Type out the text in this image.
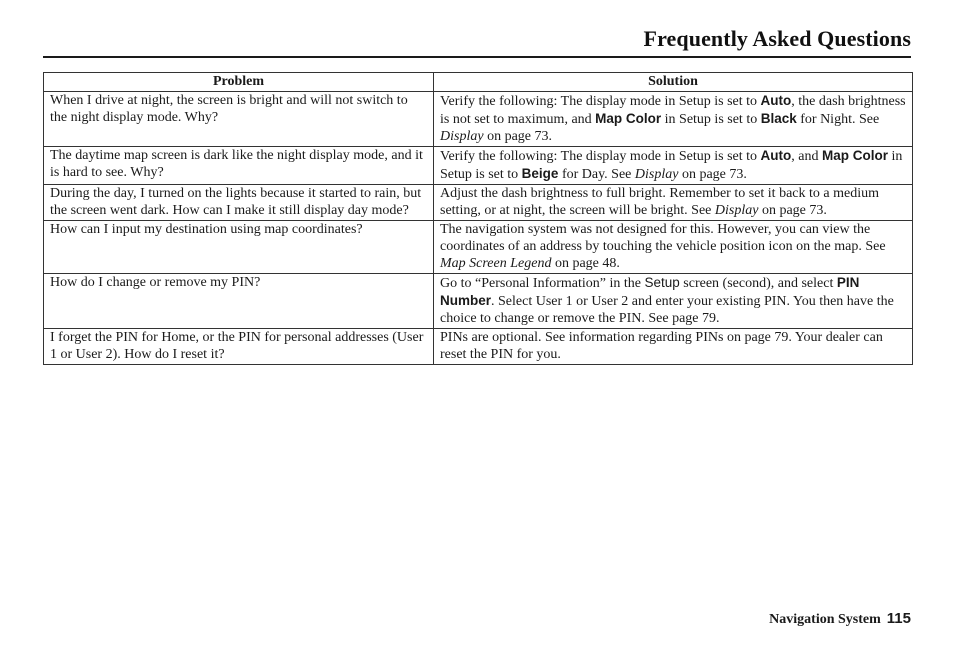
Frequently Asked Questions
Problem	Solution
When I drive at night, the screen is bright and will not switch to the night display mode. Why?	Verify the following: The display mode in Setup is set to Auto, the dash brightness is not set to maximum, and Map Color in Setup is set to Black for Night. See Display on page 73.
The daytime map screen is dark like the night display mode, and it is hard to see. Why?	Verify the following: The display mode in Setup is set to Auto, and Map Color in Setup is set to Beige for Day. See Display on page 73.
During the day, I turned on the lights because it started to rain, but the screen went dark. How can I make it still display day mode?	Adjust the dash brightness to full bright. Remember to set it back to a medium setting, or at night, the screen will be bright. See Display on page 73.
How can I input my destination using map coordinates?	The navigation system was not designed for this. However, you can view the coordinates of an address by touching the vehicle position icon on the map. See Map Screen Legend on page 48.
How do I change or remove my PIN?	Go to “Personal Information” in the Setup screen (second), and select PIN Number. Select User 1 or User 2 and enter your existing PIN. You then have the choice to change or remove the PIN. See page 79.
I forget the PIN for Home, or the PIN for personal addresses (User 1 or User 2). How do I reset it?	PINs are optional. See information regarding PINs on page 79. Your dealer can reset the PIN for you.
Navigation System 115
